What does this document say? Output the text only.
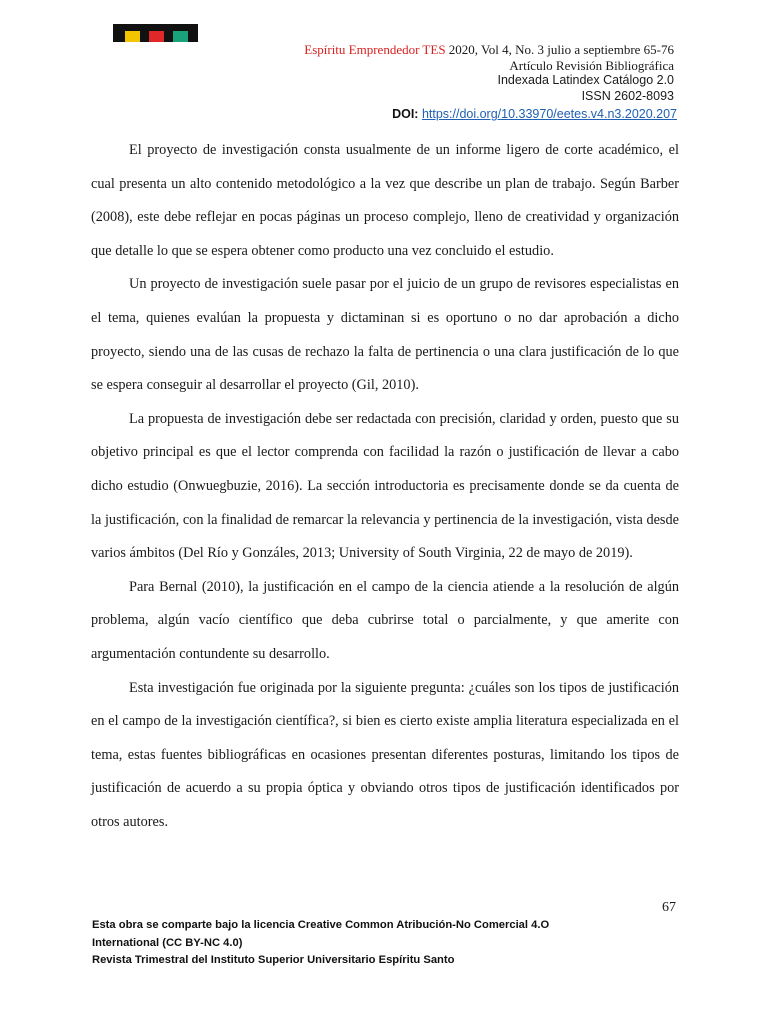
Espíritu Emprendedor TES 2020, Vol 4, No. 3 julio a septiembre 65-76
Artículo Revisión Bibliográfica
Indexada Latindex Catálogo 2.0
ISSN 2602-8093
DOI: https://doi.org/10.33970/eetes.v4.n3.2020.207

El proyecto de investigación consta usualmente de un informe ligero de corte académico, el cual presenta un alto contenido metodológico a la vez que describe un plan de trabajo. Según Barber (2008), este debe reflejar en pocas páginas un proceso complejo, lleno de creatividad y organización que detalle lo que se espera obtener como producto una vez concluido el estudio.

Un proyecto de investigación suele pasar por el juicio de un grupo de revisores especialistas en el tema, quienes evalúan la propuesta y dictaminan si es oportuno o no dar aprobación a dicho proyecto, siendo una de las cusas de rechazo la falta de pertinencia o una clara justificación de lo que se espera conseguir al desarrollar el proyecto (Gil, 2010).

La propuesta de investigación debe ser redactada con precisión, claridad y orden, puesto que su objetivo principal es que el lector comprenda con facilidad la razón o justificación de llevar a cabo dicho estudio (Onwuegbuzie, 2016). La sección introductoria es precisamente donde se da cuenta de la justificación, con la finalidad de remarcar la relevancia y pertinencia de la investigación, vista desde varios ámbitos (Del Río y Gonzáles, 2013; University of South Virginia, 22 de mayo de 2019).

Para Bernal (2010), la justificación en el campo de la ciencia atiende a la resolución de algún problema, algún vacío científico que deba cubrirse total o parcialmente, y que amerite con argumentación contundente su desarrollo.

Esta investigación fue originada por la siguiente pregunta: ¿cuáles son los tipos de justificación en el campo de la investigación científica?, si bien es cierto existe amplia literatura especializada en el tema, estas fuentes bibliográficas en ocasiones presentan diferentes posturas, limitando los tipos de justificación de acuerdo a su propia óptica y obviando otros tipos de justificación identificados por otros autores.

67
Esta obra se comparte bajo la licencia Creative Common Atribución-No Comercial 4.O
International (CC BY-NC 4.0)
Revista Trimestral del Instituto Superior Universitario Espíritu Santo
